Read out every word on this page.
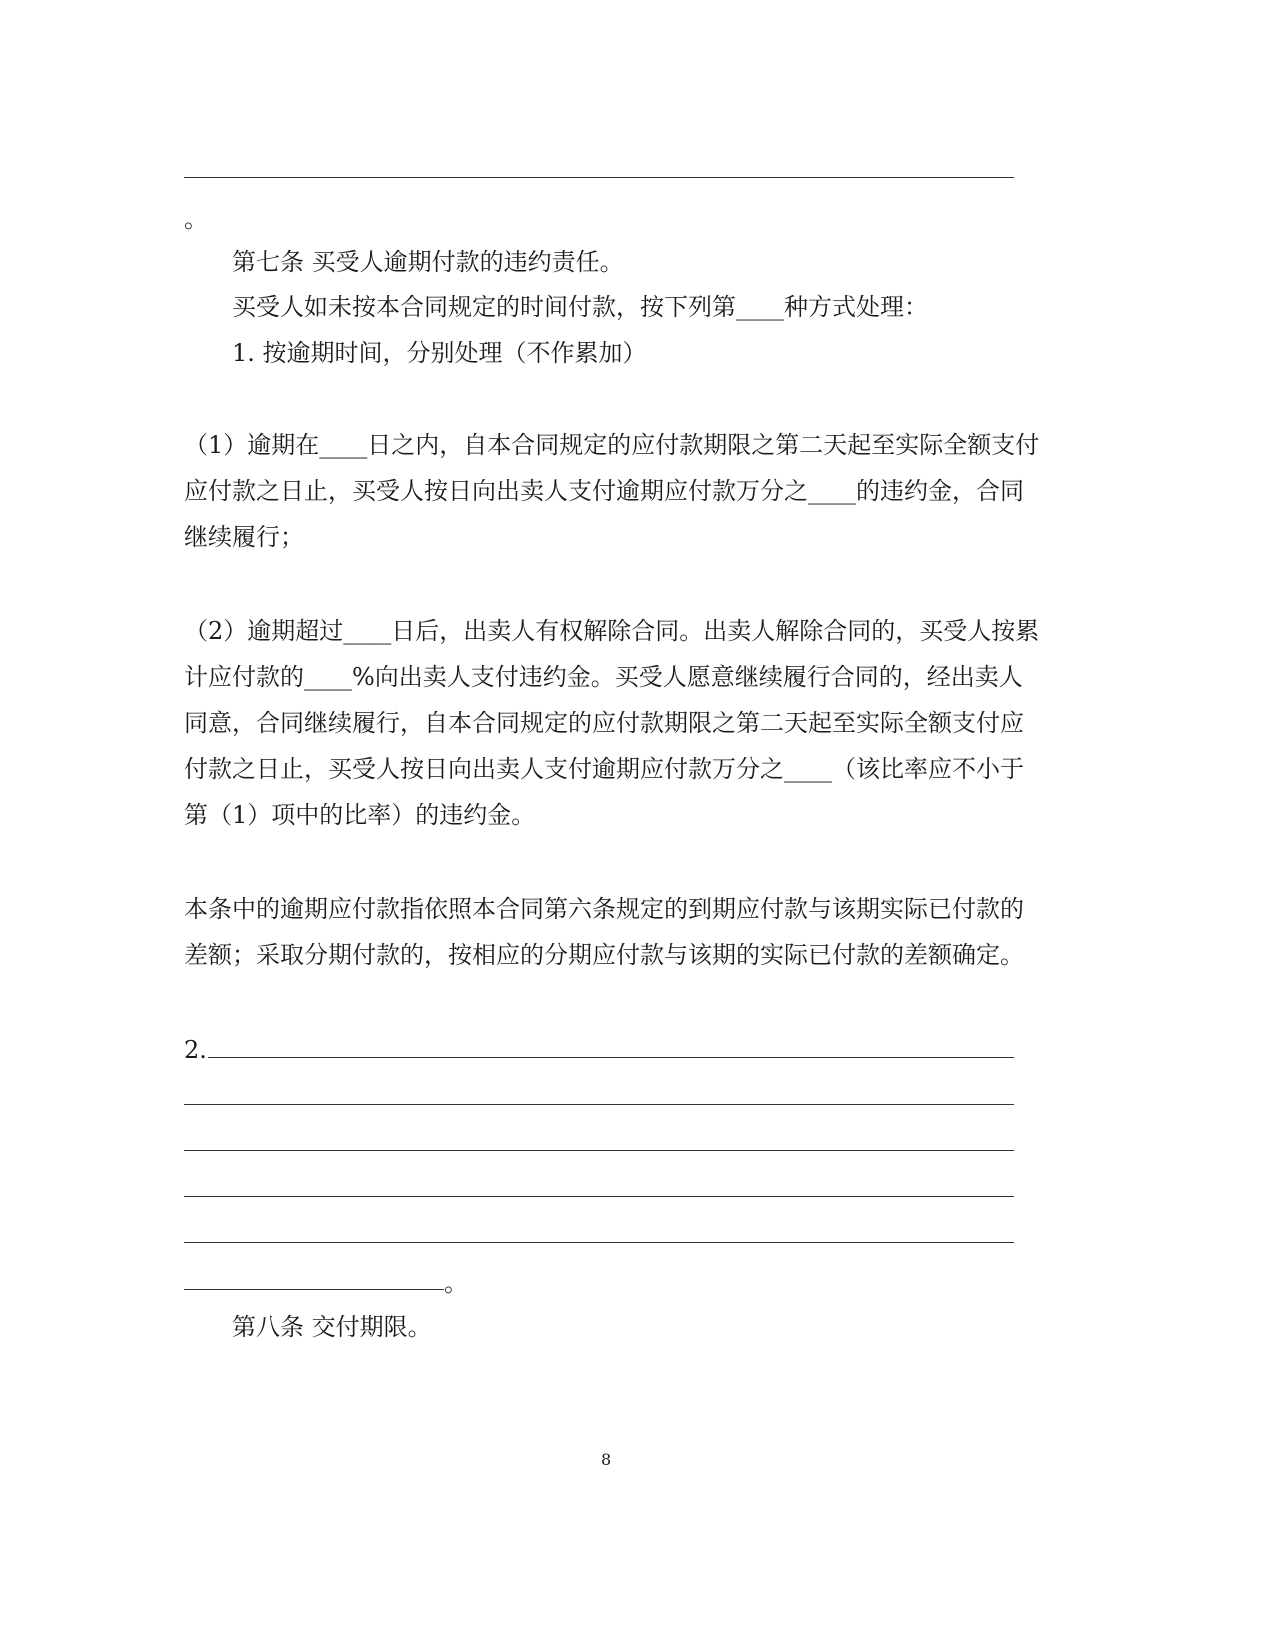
。
第七条 买受人逾期付款的违约责任。
买受人如未按本合同规定的时间付款，按下列第____种方式处理：
1. 按逾期时间，分别处理（不作累加）
（1）逾期在____日之内，自本合同规定的应付款期限之第二天起至实际全额支付
应付款之日止，买受人按日向出卖人支付逾期应付款万分之____的违约金，合同
继续履行；
（2）逾期超过____日后，出卖人有权解除合同。出卖人解除合同的，买受人按累
计应付款的____%向出卖人支付违约金。买受人愿意继续履行合同的，经出卖人
同意，合同继续履行，自本合同规定的应付款期限之第二天起至实际全额支付应
付款之日止，买受人按日向出卖人支付逾期应付款万分之____（该比率应不小于
第（1）项中的比率）的违约金。
本条中的逾期应付款指依照本合同第六条规定的到期应付款与该期实际已付款的
差额；采取分期付款的，按相应的分期应付款与该期的实际已付款的差额确定。
2.
。
第八条 交付期限。
8
